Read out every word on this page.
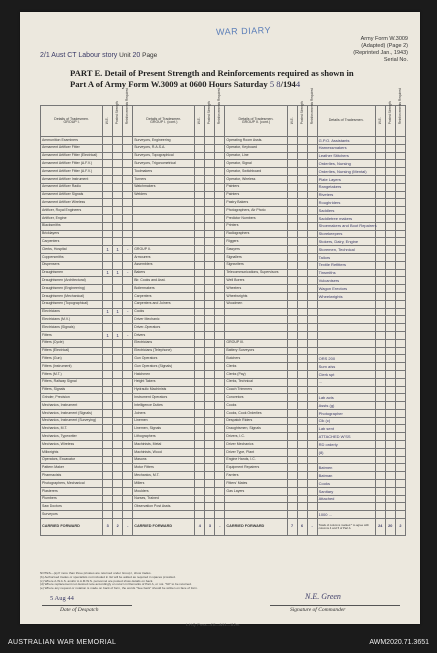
WAR DIARY
2/1 Aust CT Labour story Unit 20 Page
Army Form W.3009
(Adapted) (Page 2)
(Reprinted Jan., 1943)
Serial No.
PART E. Detail of Present Strength and Reinforcements required as shown in
Part A of Army Form W.3009 at 0600 Hours Saturday 5 8/1944
Details of Tradesmen.
GROUP I.	W.E.	Posted Strength	Reinforcements Required	Details of Tradesmen.
GROUP I. (cont.)	W.E.	Posted Strength	Reinforcements Required	Details of Tradesmen.
GROUP II. (cont.)	W.E.	Posted Strength	Reinforcements Required	Details of Tradesmen.	W.E.	Posted Strength	Reinforcements Required

Ammunition Examiners				Surveyors, Engineering				Operating Room Assts.				G.P.O. Assistants			
Armament Artificer Fitter				Surveyors, R.A.S.A.				Operator, Keyboard				Harnessmakers			
Armament Artificer Fitter (Electrical)				Surveyors, Topographical				Operator, Line				Leather Stitchers			
Armament Artificer Fitter (A.F.V.)				Surveyors, Trigonometrical				Operator, Signal				Orderlies, Nursing			
Armament Artificer Fitter (A.F.V.)				Toolmakers				Operator, Switchboard				Orderlies, Nursing (Mental)			
Armament Artificer Instrument				Turners				Operator, Wireless				Plate Layers			
Armament Artificer Radio				Watchmakers				Painters				Rangetakers			
Armament Artificer Signals				Welders				Painters				Riveters			
Armament Artificer Wireless								Pastry Bakers				Roughriders			
Artificer, Royal Engineers								Photographers, Air Photo				Saddlers			
Artificer, Engine								Predictor Numbers				Saddletree makers			
Blacksmiths								Printers				Shoemakers and Boot Repairers			
Bricklayers								Radiographers				Storekeepers			
Carpenters								Riggers				Stokers, Dairy, Engine			
Clerks, Hospital	1	1	-	GROUP II.				Sawyers				Storemen, Technical			
Coppersmiths				Armourers				Signallers				Tailors			
Dispensers				Assemblers				Signwriters				Textile Refitters			
Draughtsmen	1	1	-	Bakers				Telecommunications, Supervisors				Tinsmiths			
Draughtsmen (Architectural)				Blr. Cooks and Asst.				Well Borers				Vulcanisers			
Draughtsmen (Engineering)				Boilermakers				Wheelers				Wagon Erectors			
Draughtsmen (Mechanical)				Carpenters				Wheelwrights				Wheelwrights			
Draughtsmen (Topographical)				Carpenters and Joiners				Woodmen							
Electricians	1	1	-	Cooks											
Electricians (M.V.)				Driver Mechanic											
Electricians (Signals)				Driver-Operators											
Fitters	1	1	-	Drivers											
Fitters (Cycle)				Electricians				GROUP III.							
Fitters (Electrical)				Electricians (Telephone)				Battery Surveyors							
Fitters (Gun)				Gun Operators				Butchers				ORS 200			
Fitters (Instrument)				Gun Operators (Signals)				Clerks				Sum a/ss			
Fitters (M.T.)				Hatchmen				Clerks (Pay)				Clerk spt			
Fitters, Railway Signal				Height Takers				Clerks, Technical				...			
Fitters, Signals				Hydraulic Machinists				Coach Trimmers							
Grinder, Precision				Instrument Operators				Concretors				Lab acts			
Mechanics, Instrument				Intelligence Duties				Cooks				Assts (g)			
Mechanics, Instrument (Signals)				Joiners				Cooks, Cook Orderlies				Photographer			
Mechanics, Instrument (Surveying)				Linemen				Despatch Riders				Clk (c)			
Mechanics, M.T.				Linemen, Signals				Draughtsmen, Signals				Lab sent			
Mechanics, Typewriter				Lithographers				Drivers, I.C.				ATTACHED W'SS			
Mechanics, Wireless				Machinists, Metal				Driver Mechanics				RD orderly			
Millwrights				Machinists, Wood				Driver Type, Plant				(8)			
Operators, Excavator				Masons				Engine Hands, I.C.							
Pattern Maker				Motor Fitters				Equipment Repairers				Batmen			
Pharmacists				Mechanics, M.T.				Farriers				Batman			
Photographers, Mechanical				Millers				Fitters' Mates				Cooks			
Plasterers				Moulders				Gas Layers				Sanitary			
Plumbers				Nurses, Trained								Attached			
Saw Doctors				Observation Post Assts.											
Surveyors												1000 ...			
CARRIED FORWARD	3	2	-	CARRIED FORWARD	4	3	-	CARRIED FORWARD	7	6	-	Totals of columns marked * to agree with columns 4 and 5 of Part A	24	20	2
NOTES—(a) If more than three privates are returned under Group I, show trades.
(b) Authorised trades or specialists not included in list will be added as required in spaces provided.
(c) Where A.W.A.S. and/or A.A.M.W.S. personnel are posted show details on back.
(d) Where replacement not desired note accordingly on return in Remarks of Part A, or not. "Nil" to be returned.
(e) Where any request or notation is made on back of form, the words "See back" should be written on face of form.
5 Aug 44
Date of Despatch
N.E. Green
Signature of Commander
L.H.Q. Press—411—8/41—112m.
AUSTRALIAN WAR MEMORIAL	AWM2020.71.3651
